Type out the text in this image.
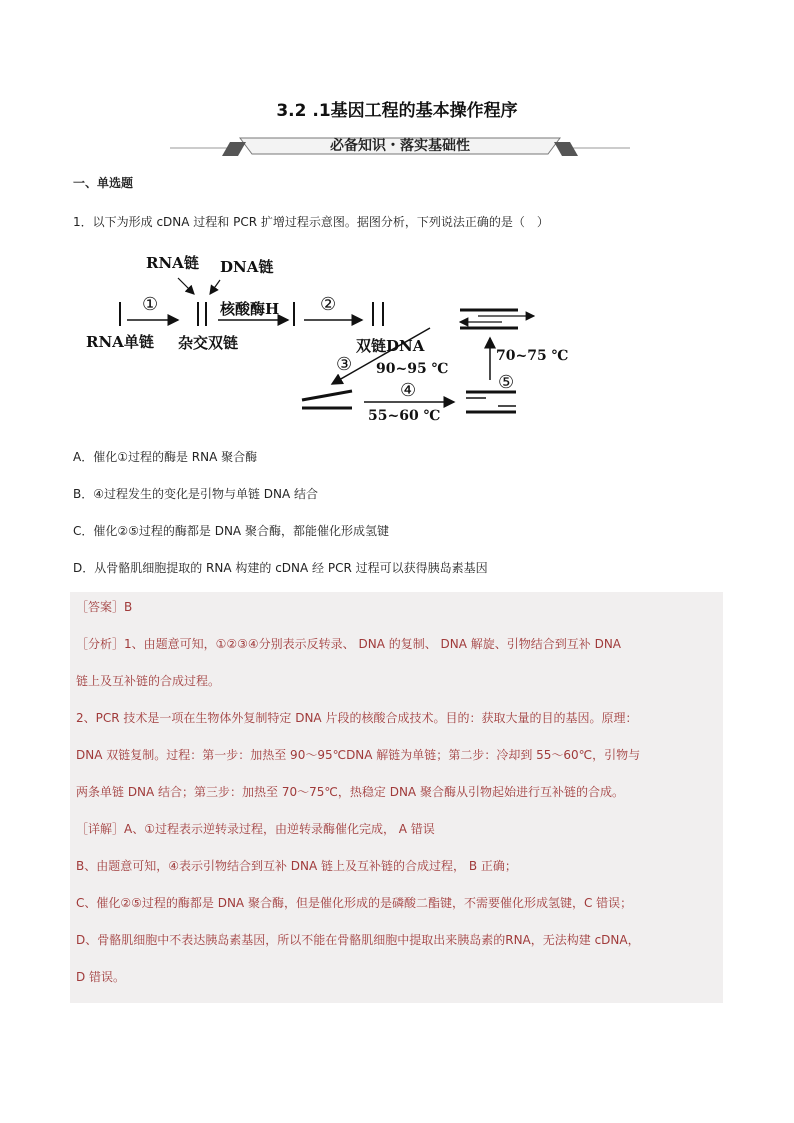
3.2 .1基因工程的基本操作程序
必备知识・落实基础性
一、单选题
1．以下为形成 cDNA 过程和 PCR 扩增过程示意图。据图分析，下列说法正确的是（　）
①
RNA单链
RNA链 DNA链
杂交双链
核酸酶H ②
双链DNA
③ 90~95 ℃
④
55~60 ℃
⑤
70~75 ℃
A．催化①过程的酶是 RNA 聚合酶
B．④过程发生的变化是引物与单链 DNA 结合
C．催化②⑤过程的酶都是 DNA 聚合酶，都能催化形成氢键
D．从骨骼肌细胞提取的 RNA 构建的 cDNA 经 PCR 过程可以获得胰岛素基因
［答案］B
［分析］1、由题意可知，①②③④分别表示反转录、 DNA 的复制、 DNA 解旋、引物结合到互补 DNA
链上及互补链的合成过程。
2、PCR 技术是一项在生物体外复制特定 DNA 片段的核酸合成技术。目的：获取大量的目的基因。原理：
DNA 双链复制。过程：第一步：加热至 90～95℃DNA 解链为单链；第二步：冷却到 55～60℃，引物与
两条单链 DNA 结合；第三步：加热至 70～75℃，热稳定 DNA 聚合酶从引物起始进行互补链的合成。
［详解］A、①过程表示逆转录过程，由逆转录酶催化完成， A 错误
B、由题意可知，④表示引物结合到互补 DNA 链上及互补链的合成过程， B 正确；
C、催化②⑤过程的酶都是 DNA 聚合酶，但是催化形成的是磷酸二酯键，不需要催化形成氢键，C 错误；
D、骨骼肌细胞中不表达胰岛素基因，所以不能在骨骼肌细胞中提取出来胰岛素的RNA，无法构建 cDNA，
D 错误。
